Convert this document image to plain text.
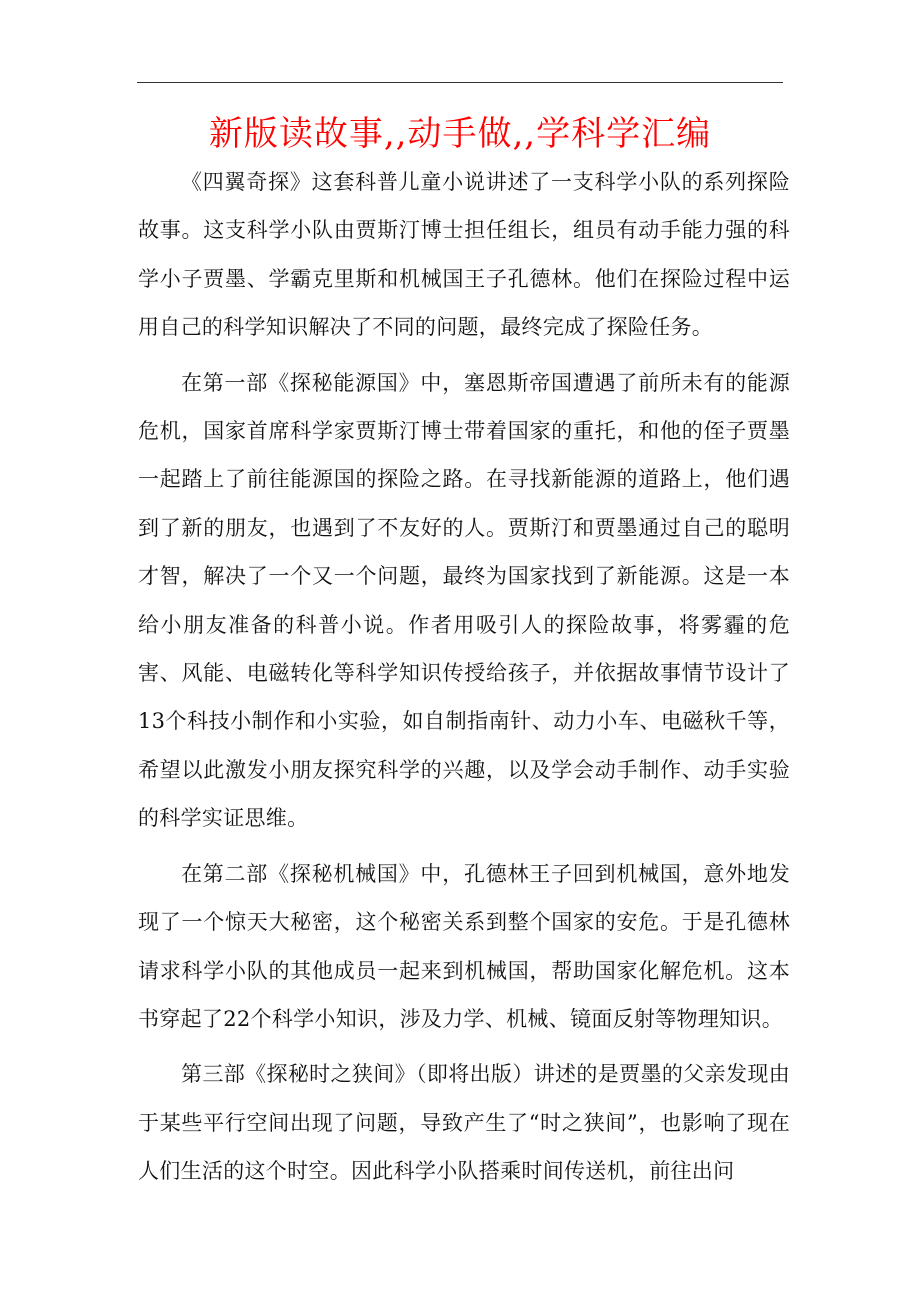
新版读故事,,动手做,,学科学汇编

《四翼奇探》这套科普儿童小说讲述了一支科学小队的系列探险故事。这支科学小队由贾斯汀博士担任组长，组员有动手能力强的科学小子贾墨、学霸克里斯和机械国王子孔德林。他们在探险过程中运用自己的科学知识解决了不同的问题，最终完成了探险任务。

在第一部《探秘能源国》中，塞恩斯帝国遭遇了前所未有的能源危机，国家首席科学家贾斯汀博士带着国家的重托，和他的侄子贾墨一起踏上了前往能源国的探险之路。在寻找新能源的道路上，他们遇到了新的朋友，也遇到了不友好的人。贾斯汀和贾墨通过自己的聪明才智，解决了一个又一个问题，最终为国家找到了新能源。这是一本给小朋友准备的科普小说。作者用吸引人的探险故事，将雾霾的危害、风能、电磁转化等科学知识传授给孩子，并依据故事情节设计了13个科技小制作和小实验，如自制指南针、动力小车、电磁秋千等，希望以此激发小朋友探究科学的兴趣，以及学会动手制作、动手实验的科学实证思维。

在第二部《探秘机械国》中，孔德林王子回到机械国，意外地发现了一个惊天大秘密，这个秘密关系到整个国家的安危。于是孔德林请求科学小队的其他成员一起来到机械国，帮助国家化解危机。这本书穿起了22个科学小知识，涉及力学、机械、镜面反射等物理知识。

第三部《探秘时之狭间》（即将出版）讲述的是贾墨的父亲发现由于某些平行空间出现了问题，导致产生了“时之狭间”，也影响了现在人们生活的这个时空。因此科学小队搭乘时间传送机，前往出问
